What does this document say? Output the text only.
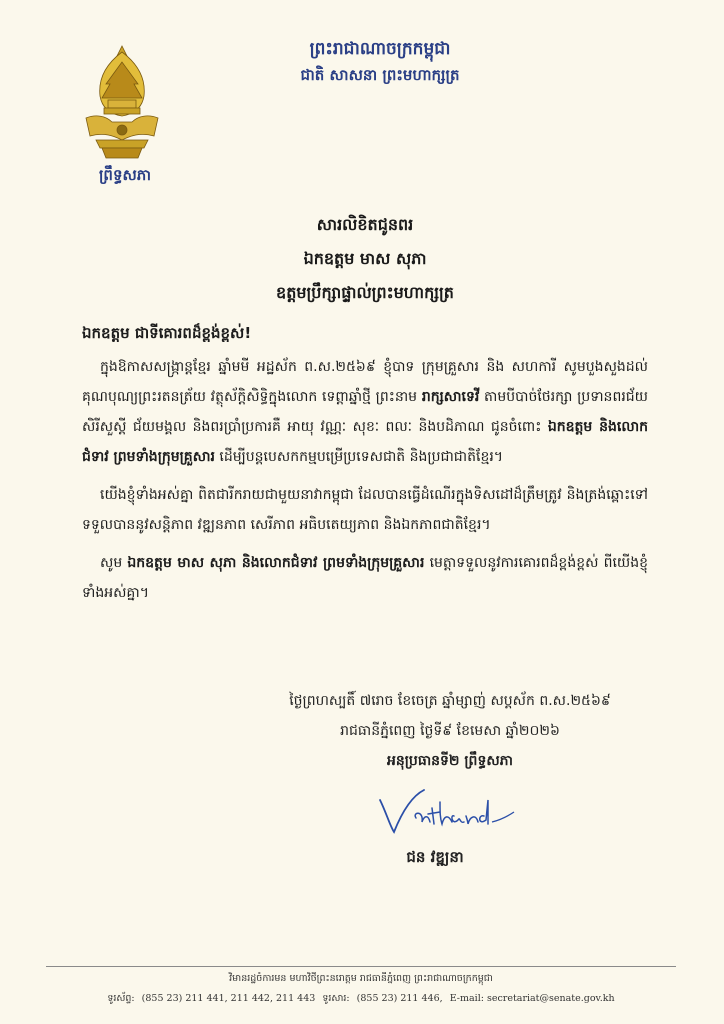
ព្រឹទ្ធសភា
ព្រះរាជាណាចក្រកម្ពុជា
ជាតិ សាសនា ព្រះមហាក្សត្រ
សារលិខិតជូនពរ
ឯកឧត្តម មាស សុភា
ឧត្តមប្រឹក្សាផ្ទាល់ព្រះមហាក្សត្រ
ឯកឧត្តម ជាទីគោរពដ៏ខ្ពង់ខ្ពស់!

ក្នុងឱកាសសង្ក្រាន្តខ្មែរ ឆ្នាំមមី អដ្ឋស័ក ព.ស.២៥៦៩ ខ្ញុំបាទ ក្រុមគ្រួសារ និង សហការី សូមបួងសួងដល់គុណបុណ្យព្រះរតនត្រ័យ វត្ថុស័ក្តិសិទ្ធិក្នុងលោក ទេព្តាឆ្នាំថ្មី ព្រះនាម រាក្សសាទេវី តាមបីបាច់ថែរក្សា ប្រទានពរជ័យ សិរីសួស្តី ជ័យមង្គល និងពរប្រាំប្រការគឺ អាយុ វណ្ណៈ សុខៈ ពលៈ និងបដិភាណ ជូនចំពោះ ឯកឧត្តម និងលោកជំទាវ ព្រមទាំងក្រុមគ្រួសារ ដើម្បីបន្តបេសកកម្មបម្រើប្រទេសជាតិ និងប្រជាជាតិខ្មែរ។

យើងខ្ញុំទាំងអស់គ្នា ពិតជារីករាយជាមួយនាវាកម្ពុជា ដែលបានធ្វើដំណើរក្នុងទិសដៅដ៏ត្រឹមត្រូវ និងត្រង់ឆ្ពោះទៅទទួលបាននូវសន្តិភាព វឌ្ឍនភាព សេរីភាព អធិបតេយ្យភាព និងឯកភាពជាតិខ្មែរ។

សូម ឯកឧត្តម មាស សុភា និងលោកជំទាវ ព្រមទាំងក្រុមគ្រួសារ មេត្តាទទួលនូវការគោរពដ៏ខ្ពង់ខ្ពស់ ពីយើងខ្ញុំទាំងអស់គ្នា។

ថ្ងៃព្រហស្បតិ៍ ៧រោច ខែចេត្រ ឆ្នាំម្សាញ់ សប្តស័ក ព.ស.២៥៦៩
រាជធានីភ្នំពេញ ថ្ងៃទី៩ ខែមេសា ឆ្នាំ២០២៦
អនុប្រធានទី២ ព្រឹទ្ធសភា
ជន វឌ្ឍនា
វិមានរដ្ឋចំការមន មហាវិថីព្រះនរោត្តម រាជធានីភ្នំពេញ ព្រះរាជាណាចក្រកម្ពុជា
ទូរស័ព្ទ: (855 23) 211 441, 211 442, 211 443 ទូរសារ: (855 23) 211 446, E-mail: secretariat@senate.gov.kh
